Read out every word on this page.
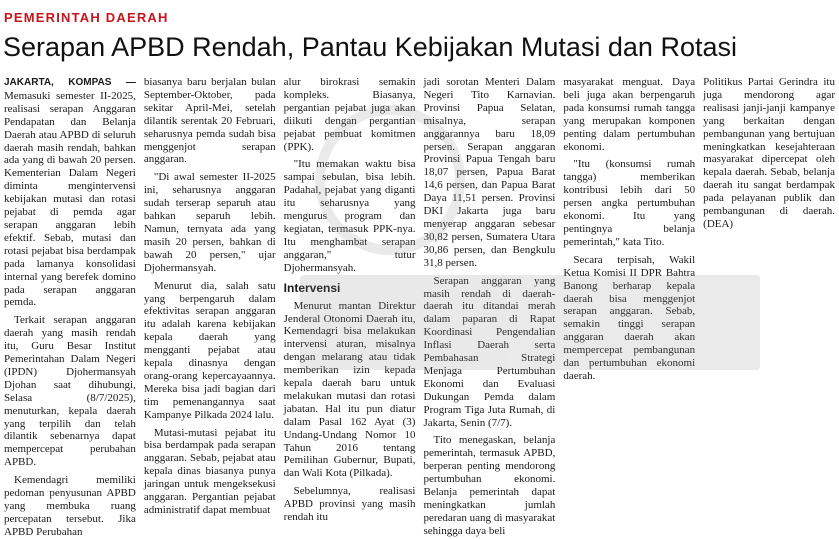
PEMERINTAH DAERAH
Serapan APBD Rendah, Pantau Kebijakan Mutasi dan Rotasi

JAKARTA, KOMPAS — Memasuki semester II-2025, realisasi serapan Anggaran Pendapatan dan Belanja Daerah atau APBD di seluruh daerah masih rendah, bahkan ada yang di bawah 20 persen. Kementerian Dalam Negeri diminta mengintervensi kebijakan mutasi dan rotasi pejabat di pemda agar serapan anggaran lebih efektif. Sebab, mutasi dan rotasi pejabat bisa berdampak pada lamanya konsolidasi internal yang berefek domino pada serapan anggaran pemda.

Terkait serapan anggaran daerah yang masih rendah itu, Guru Besar Institut Pemerintahan Dalam Negeri (IPDN) Djohermansyah Djohan saat dihubungi, Selasa (8/7/2025), menuturkan, kepala daerah yang terpilih dan telah dilantik sebenarnya dapat mempercepat perubahan APBD.

Kemendagri memiliki pedoman penyusunan APBD yang membuka ruang percepatan tersebut. Jika APBD Perubahan

biasanya baru berjalan bulan September-Oktober, pada sekitar April-Mei, setelah dilantik serentak 20 Februari, seharusnya pemda sudah bisa menggenjot serapan anggaran.

"Di awal semester II-2025 ini, seharusnya anggaran sudah terserap separuh atau bahkan separuh lebih. Namun, ternyata ada yang masih 20 persen, bahkan di bawah 20 persen," ujar Djohermansyah.

Menurut dia, salah satu yang berpengaruh dalam efektivitas serapan anggaran itu adalah karena kebijakan kepala daerah yang mengganti pejabat atau kepala dinasnya dengan orang-orang kepercayaannya. Mereka bisa jadi bagian dari tim pemenangannya saat Kampanye Pilkada 2024 lalu.

Mutasi-mutasi pejabat itu bisa berdampak pada serapan anggaran. Sebab, pejabat atau kepala dinas biasanya punya jaringan untuk mengeksekusi anggaran. Pergantian pejabat administratif dapat membuat

alur birokrasi semakin kompleks. Biasanya, pergantian pejabat juga akan diikuti dengan pergantian pejabat pembuat komitmen (PPK).

"Itu memakan waktu bisa sampai sebulan, bisa lebih. Padahal, pejabat yang diganti itu seharusnya yang mengurus program dan kegiatan, termasuk PPK-nya. Itu menghambat serapan anggaran," tutur Djohermansyah.

Intervensi

Menurut mantan Direktur Jenderal Otonomi Daerah itu, Kemendagri bisa melakukan intervensi aturan, misalnya dengan melarang atau tidak memberikan izin kepada kepala daerah baru untuk melakukan mutasi dan rotasi jabatan. Hal itu pun diatur dalam Pasal 162 Ayat (3) Undang-Undang Nomor 10 Tahun 2016 tentang Pemilihan Gubernur, Bupati, dan Wali Kota (Pilkada).

Sebelumnya, realisasi APBD provinsi yang masih rendah itu

jadi sorotan Menteri Dalam Negeri Tito Karnavian. Provinsi Papua Selatan, misalnya, serapan anggarannya baru 18,09 persen. Serapan anggaran Provinsi Papua Tengah baru 18,07 persen, Papua Barat 14,6 persen, dan Papua Barat Daya 11,51 persen. Provinsi DKI Jakarta juga baru menyerap anggaran sebesar 30,82 persen, Sumatera Utara 30,86 persen, dan Bengkulu 31,8 persen.

Serapan anggaran yang masih rendah di daerah-daerah itu ditandai merah dalam paparan di Rapat Koordinasi Pengendalian Inflasi Daerah serta Pembahasan Strategi Menjaga Pertumbuhan Ekonomi dan Evaluasi Dukungan Pemda dalam Program Tiga Juta Rumah, di Jakarta, Senin (7/7).

Tito menegaskan, belanja pemerintah, termasuk APBD, berperan penting mendorong pertumbuhan ekonomi. Belanja pemerintah dapat meningkatkan jumlah peredaran uang di masyarakat sehingga daya beli

masyarakat menguat. Daya beli juga akan berpengaruh pada konsumsi rumah tangga yang merupakan komponen penting dalam pertumbuhan ekonomi.

"Itu (konsumsi rumah tangga) memberikan kontribusi lebih dari 50 persen angka pertumbuhan ekonomi. Itu yang pentingnya belanja pemerintah," kata Tito.

Secara terpisah, Wakil Ketua Komisi II DPR Bahtra Banong berharap kepala daerah bisa menggenjot serapan anggaran. Sebab, semakin tinggi serapan anggaran daerah akan mempercepat pembangunan dan pertumbuhan ekonomi daerah.

Politikus Partai Gerindra itu juga mendorong agar realisasi janji-janji kampanye yang berkaitan dengan pembangunan yang bertujuan meningkatkan kesejahteraan masyarakat dipercepat oleh kepala daerah. Sebab, belanja daerah itu sangat berdampak pada pelayanan publik dan pembangunan di daerah. (DEA)
